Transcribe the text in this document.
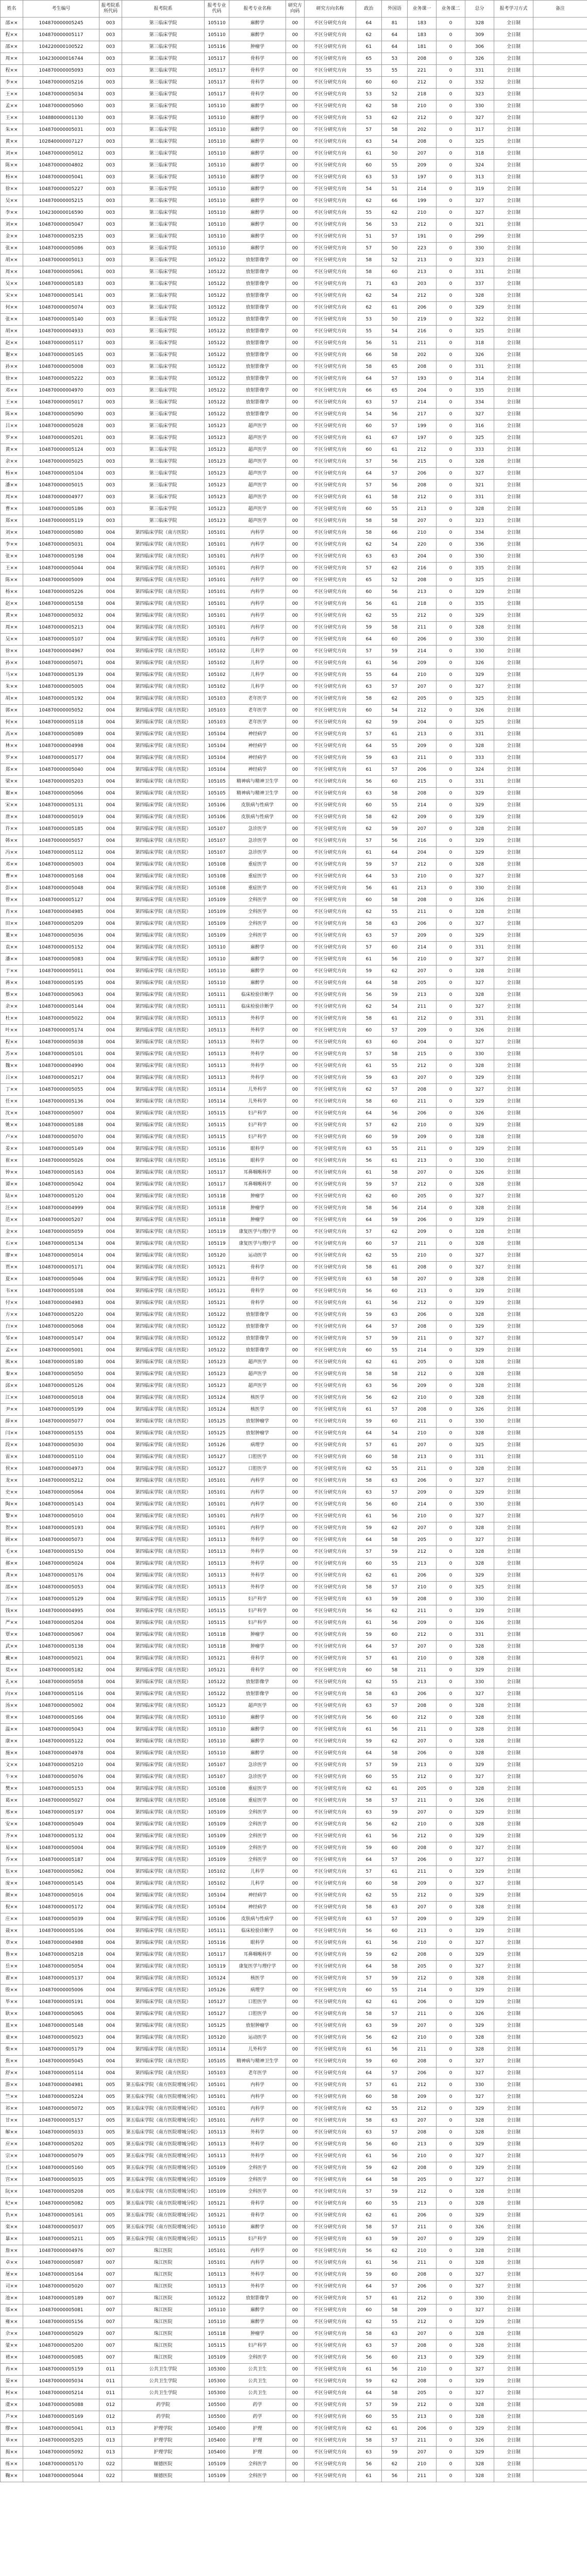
姓名	考生编号	报考院系所代码	报考院系	报考专业代码	报考专业名称	研究方向码	研究方向名称	政治	外国语	业务课一	业务课二	总分	报考学习方式	备注
邵××	104870000005245	003	第三临床学院	105110	麻醉学	00	不区分研究方向	64	81	183	0	328	全日制	
程××	104870000005117	003	第三临床学院	105110	麻醉学	00	不区分研究方向	62	64	183	0	309	全日制	
邵××	104220000100522	003	第三临床学院	105116	肿瘤学	00	不区分研究方向	61	64	181	0	306	全日制	
周××	104230000016744	003	第三临床学院	105117	骨科学	00	不区分研究方向	65	53	208	0	326	全日制	
程××	104870000005093	003	第三临床学院	105117	骨科学	00	不区分研究方向	55	55	221	0	331	全日制	
李××	104870000005216	003	第三临床学院	105117	骨科学	00	不区分研究方向	60	60	212	0	332	全日制	
王××	104870000005034	003	第三临床学院	105117	骨科学	00	不区分研究方向	53	52	218	0	323	全日制	
孟××	104870000005060	003	第三临床学院	105110	麻醉学	00	不区分研究方向	62	58	210	0	330	全日制	
王××	104880000001130	003	第三临床学院	105110	麻醉学	00	不区分研究方向	53	62	212	0	327	全日制	
朱××	104870000005031	003	第三临床学院	105110	麻醉学	00	不区分研究方向	57	58	202	0	317	全日制	
黄××	102840000007127	003	第三临床学院	105110	麻醉学	00	不区分研究方向	63	54	208	0	325	全日制	
刘××	104870000005012	003	第三临床学院	105110	麻醉学	00	不区分研究方向	61	50	207	0	318	全日制	
陈××	104870000004802	003	第三临床学院	105110	麻醉学	00	不区分研究方向	60	55	209	0	324	全日制	
杨××	104870000005041	003	第三临床学院	105110	麻醉学	00	不区分研究方向	63	53	197	0	313	全日制	
徐××	104870000005227	003	第三临床学院	105110	麻醉学	00	不区分研究方向	54	51	214	0	319	全日制	
吴××	104870000005215	003	第三临床学院	105110	麻醉学	00	不区分研究方向	62	66	199	0	327	全日制	
李××	104230000016590	003	第三临床学院	105110	麻醉学	00	不区分研究方向	55	62	210	0	327	全日制	
刘××	104870000005047	003	第三临床学院	105110	麻醉学	00	不区分研究方向	56	53	212	0	321	全日制	
金××	104870000005235	003	第三临床学院	105110	麻醉学	00	不区分研究方向	51	57	191	0	299	全日制	
张××	104870000005086	003	第三临床学院	105110	麻醉学	00	不区分研究方向	57	50	223	0	330	全日制	
胡××	104870000005013	003	第三临床学院	105122	放射影像学	00	不区分研究方向	58	52	213	0	323	全日制	
周××	104870000005061	003	第三临床学院	105122	放射影像学	00	不区分研究方向	58	60	213	0	331	全日制	
吴××	104870000005183	003	第三临床学院	105122	放射影像学	00	不区分研究方向	71	63	203	0	337	全日制	
宋××	104870000005141	003	第三临床学院	105122	放射影像学	00	不区分研究方向	62	54	212	0	328	全日制	
何××	104870000005074	003	第三临床学院	105122	放射影像学	00	不区分研究方向	62	61	206	0	329	全日制	
张××	104870000005140	003	第三临床学院	105122	放射影像学	00	不区分研究方向	53	50	219	0	322	全日制	
胡××	104870000004933	003	第三临床学院	105122	放射影像学	00	不区分研究方向	55	54	216	0	325	全日制	
赵××	104870000005117	003	第三临床学院	105122	放射影像学	00	不区分研究方向	56	51	211	0	318	全日制	
谢××	104870000005165	003	第三临床学院	105122	放射影像学	00	不区分研究方向	66	58	202	0	326	全日制	
孙××	104870000005008	003	第三临床学院	105122	放射影像学	00	不区分研究方向	58	65	208	0	331	全日制	
徐××	104870000005222	003	第三临床学院	105122	放射影像学	00	不区分研究方向	64	57	193	0	314	全日制	
邓××	104870000004970	003	第三临床学院	105122	放射影像学	00	不区分研究方向	66	65	204	0	335	全日制	
王××	104870000005017	003	第三临床学院	105122	放射影像学	00	不区分研究方向	63	57	214	0	334	全日制	
陈××	104870000005090	003	第三临床学院	105122	放射影像学	00	不区分研究方向	54	56	217	0	327	全日制	
吕××	104870000005028	003	第三临床学院	105123	超声医学	00	不区分研究方向	60	57	199	0	316	全日制	
罗××	104870000005201	003	第三临床学院	105123	超声医学	00	不区分研究方向	61	67	197	0	325	全日制	
黄××	104870000005124	003	第三临床学院	105123	超声医学	00	不区分研究方向	60	61	212	0	333	全日制	
余××	104870000005025	003	第三临床学院	105123	超声医学	00	不区分研究方向	57	56	215	0	328	全日制	
杨××	104870000005104	003	第三临床学院	105123	超声医学	00	不区分研究方向	64	57	206	0	327	全日制	
潘××	104870000005015	003	第三临床学院	105123	超声医学	00	不区分研究方向	57	56	208	0	321	全日制	
周××	104870000004977	003	第三临床学院	105123	超声医学	00	不区分研究方向	61	58	212	0	331	全日制	
曹××	104870000005186	003	第三临床学院	105123	超声医学	00	不区分研究方向	60	55	213	0	328	全日制	
郑××	104870000005119	003	第三临床学院	105123	超声医学	00	不区分研究方向	58	58	207	0	323	全日制	
刘××	104870000005080	004	第四临床学院（南方医院）	105101	内科学	00	不区分研究方向	58	66	210	0	334	全日制	
李××	104870000005031	004	第四临床学院（南方医院）	105101	内科学	00	不区分研究方向	62	54	220	0	336	全日制	
张××	104870000005198	004	第四临床学院（南方医院）	105101	内科学	00	不区分研究方向	63	63	204	0	330	全日制	
王××	104870000005044	004	第四临床学院（南方医院）	105101	内科学	00	不区分研究方向	57	62	216	0	335	全日制	
陈××	104870000005009	004	第四临床学院（南方医院）	105101	内科学	00	不区分研究方向	65	52	208	0	325	全日制	
杨××	104870000005226	004	第四临床学院（南方医院）	105101	内科学	00	不区分研究方向	60	56	213	0	329	全日制	
赵××	104870000005158	004	第四临床学院（南方医院）	105101	内科学	00	不区分研究方向	56	61	218	0	335	全日制	
黄××	104870000005032	004	第四临床学院（南方医院）	105101	内科学	00	不区分研究方向	62	55	212	0	329	全日制	
周××	104870000005213	004	第四临床学院（南方医院）	105101	内科学	00	不区分研究方向	59	58	211	0	328	全日制	
吴××	104870000005107	004	第四临床学院（南方医院）	105101	内科学	00	不区分研究方向	64	60	206	0	330	全日制	
徐××	104870000004967	004	第四临床学院（南方医院）	105102	儿科学	00	不区分研究方向	57	59	214	0	330	全日制	
孙××	104870000005071	004	第四临床学院（南方医院）	105102	儿科学	00	不区分研究方向	61	56	209	0	326	全日制	
马××	104870000005139	004	第四临床学院（南方医院）	105102	儿科学	00	不区分研究方向	55	64	210	0	329	全日制	
朱××	104870000005005	004	第四临床学院（南方医院）	105102	儿科学	00	不区分研究方向	63	57	207	0	327	全日制	
胡××	104870000005192	004	第四临床学院（南方医院）	105103	老年医学	00	不区分研究方向	58	62	205	0	325	全日制	
郭××	104870000005052	004	第四临床学院（南方医院）	105103	老年医学	00	不区分研究方向	60	54	212	0	326	全日制	
何××	104870000005118	004	第四临床学院（南方医院）	105103	老年医学	00	不区分研究方向	62	59	204	0	325	全日制	
高××	104870000005089	004	第四临床学院（南方医院）	105104	神经病学	00	不区分研究方向	57	61	213	0	331	全日制	
林××	104870000004998	004	第四临床学院（南方医院）	105104	神经病学	00	不区分研究方向	64	55	209	0	328	全日制	
罗××	104870000005177	004	第四临床学院（南方医院）	105104	神经病学	00	不区分研究方向	59	63	211	0	333	全日制	
郑××	104870000005040	004	第四临床学院（南方医院）	105104	神经病学	00	不区分研究方向	61	57	206	0	324	全日制	
梁××	104870000005203	004	第四临床学院（南方医院）	105105	精神病与精神卫生学	00	不区分研究方向	56	60	215	0	331	全日制	
谢××	104870000005066	004	第四临床学院（南方医院）	105105	精神病与精神卫生学	00	不区分研究方向	63	58	208	0	329	全日制	
宋××	104870000005131	004	第四临床学院（南方医院）	105106	皮肤病与性病学	00	不区分研究方向	60	55	214	0	329	全日制	
唐××	104870000005019	004	第四临床学院（南方医院）	105106	皮肤病与性病学	00	不区分研究方向	58	62	209	0	329	全日制	
许××	104870000005185	004	第四临床学院（南方医院）	105107	急诊医学	00	不区分研究方向	62	59	207	0	328	全日制	
韩××	104870000005057	004	第四临床学院（南方医院）	105107	急诊医学	00	不区分研究方向	57	56	216	0	329	全日制	
冯××	104870000005112	004	第四临床学院（南方医院）	105107	急诊医学	00	不区分研究方向	61	64	204	0	329	全日制	
邓××	104870000005003	004	第四临床学院（南方医院）	105108	重症医学	00	不区分研究方向	59	57	212	0	328	全日制	
曹××	104870000005168	004	第四临床学院（南方医院）	105108	重症医学	00	不区分研究方向	64	53	210	0	327	全日制	
彭××	104870000005048	004	第四临床学院（南方医院）	105108	重症医学	00	不区分研究方向	56	61	213	0	330	全日制	
曾××	104870000005127	004	第四临床学院（南方医院）	105109	全科医学	00	不区分研究方向	60	58	208	0	326	全日制	
肖××	104870000004985	004	第四临床学院（南方医院）	105109	全科医学	00	不区分研究方向	62	55	211	0	328	全日制	
田××	104870000005209	004	第四临床学院（南方医院）	105109	全科医学	00	不区分研究方向	58	63	206	0	327	全日制	
董××	104870000005036	004	第四临床学院（南方医院）	105109	全科医学	00	不区分研究方向	63	57	209	0	329	全日制	
袁××	104870000005152	004	第四临床学院（南方医院）	105110	麻醉学	00	不区分研究方向	57	60	214	0	331	全日制	
潘××	104870000005083	004	第四临床学院（南方医院）	105110	麻醉学	00	不区分研究方向	61	56	210	0	327	全日制	
于××	104870000005011	004	第四临床学院（南方医院）	105110	麻醉学	00	不区分研究方向	59	62	207	0	328	全日制	
蒋××	104870000005195	004	第四临床学院（南方医院）	105110	麻醉学	00	不区分研究方向	64	58	205	0	327	全日制	
蔡××	104870000005063	004	第四临床学院（南方医院）	105111	临床检验诊断学	00	不区分研究方向	56	59	213	0	328	全日制	
余××	104870000005144	004	第四临床学院（南方医院）	105111	临床检验诊断学	00	不区分研究方向	62	54	211	0	327	全日制	
杜××	104870000005022	004	第四临床学院（南方医院）	105113	外科学	00	不区分研究方向	58	61	212	0	331	全日制	
叶××	104870000005174	004	第四临床学院（南方医院）	105113	外科学	00	不区分研究方向	60	57	209	0	326	全日制	
程××	104870000005038	004	第四临床学院（南方医院）	105113	外科学	00	不区分研究方向	63	60	204	0	327	全日制	
苏××	104870000005101	004	第四临床学院（南方医院）	105113	外科学	00	不区分研究方向	57	58	215	0	330	全日制	
魏××	104870000004990	004	第四临床学院（南方医院）	105113	外科学	00	不区分研究方向	61	55	212	0	328	全日制	
吕××	104870000005217	004	第四临床学院（南方医院）	105113	外科学	00	不区分研究方向	59	63	207	0	329	全日制	
丁××	104870000005055	004	第四临床学院（南方医院）	105114	儿外科学	00	不区分研究方向	62	57	208	0	327	全日制	
任××	104870000005136	004	第四临床学院（南方医院）	105114	儿外科学	00	不区分研究方向	58	60	211	0	329	全日制	
沈××	104870000005007	004	第四临床学院（南方医院）	105115	妇产科学	00	不区分研究方向	64	56	206	0	326	全日制	
姚××	104870000005188	004	第四临床学院（南方医院）	105115	妇产科学	00	不区分研究方向	57	62	210	0	329	全日制	
卢××	104870000005070	004	第四临床学院（南方医院）	105115	妇产科学	00	不区分研究方向	60	59	209	0	328	全日制	
姜××	104870000005149	004	第四临床学院（南方医院）	105116	眼科学	00	不区分研究方向	63	55	211	0	329	全日制	
崔××	104870000005026	004	第四临床学院（南方医院）	105116	眼科学	00	不区分研究方向	56	61	213	0	330	全日制	
钟××	104870000005163	004	第四临床学院（南方医院）	105117	耳鼻咽喉科学	00	不区分研究方向	61	58	207	0	326	全日制	
谭××	104870000005042	004	第四临床学院（南方医院）	105117	耳鼻咽喉科学	00	不区分研究方向	59	57	212	0	328	全日制	
陆××	104870000005120	004	第四临床学院（南方医院）	105118	肿瘤学	00	不区分研究方向	62	60	205	0	327	全日制	
汪××	104870000004999	004	第四临床学院（南方医院）	105118	肿瘤学	00	不区分研究方向	58	56	214	0	328	全日制	
范××	104870000005207	004	第四临床学院（南方医院）	105118	肿瘤学	00	不区分研究方向	64	59	206	0	329	全日制	
金××	104870000005059	004	第四临床学院（南方医院）	105119	康复医学与理疗学	00	不区分研究方向	57	62	209	0	328	全日制	
石××	104870000005134	004	第四临床学院（南方医院）	105119	康复医学与理疗学	00	不区分研究方向	60	57	211	0	328	全日制	
廖××	104870000005014	004	第四临床学院（南方医院）	105120	运动医学	00	不区分研究方向	62	55	210	0	327	全日制	
贾××	104870000005171	004	第四临床学院（南方医院）	105121	骨科学	00	不区分研究方向	58	61	208	0	327	全日制	
夏××	104870000005046	004	第四临床学院（南方医院）	105121	骨科学	00	不区分研究方向	63	58	207	0	328	全日制	
韦××	104870000005108	004	第四临床学院（南方医院）	105121	骨科学	00	不区分研究方向	56	60	213	0	329	全日制	
付××	104870000004983	004	第四临床学院（南方医院）	105121	骨科学	00	不区分研究方向	61	56	212	0	329	全日制	
方××	104870000005220	004	第四临床学院（南方医院）	105122	放射影像学	00	不区分研究方向	59	63	206	0	328	全日制	
白××	104870000005068	004	第四临床学院（南方医院）	105122	放射影像学	00	不区分研究方向	64	57	208	0	329	全日制	
邹××	104870000005147	004	第四临床学院（南方医院）	105122	放射影像学	00	不区分研究方向	57	59	211	0	327	全日制	
孟××	104870000005001	004	第四临床学院（南方医院）	105122	放射影像学	00	不区分研究方向	60	55	214	0	329	全日制	
熊××	104870000005180	004	第四临床学院（南方医院）	105123	超声医学	00	不区分研究方向	62	61	205	0	328	全日制	
秦××	104870000005050	004	第四临床学院（南方医院）	105123	超声医学	00	不区分研究方向	58	58	212	0	328	全日制	
邱××	104870000005126	004	第四临床学院（南方医院）	105123	超声医学	00	不区分研究方向	63	56	209	0	328	全日制	
江××	104870000005018	004	第四临床学院（南方医院）	105124	核医学	00	不区分研究方向	56	62	210	0	328	全日制	
尹××	104870000005199	004	第四临床学院（南方医院）	105124	核医学	00	不区分研究方向	61	57	208	0	326	全日制	
薛××	104870000005077	004	第四临床学院（南方医院）	105125	放射肿瘤学	00	不区分研究方向	59	60	211	0	330	全日制	
闫××	104870000005155	004	第四临床学院（南方医院）	105125	放射肿瘤学	00	不区分研究方向	64	54	210	0	328	全日制	
段××	104870000005030	004	第四临床学院（南方医院）	105126	病理学	00	不区分研究方向	57	61	207	0	325	全日制	
雷××	104870000005110	004	第四临床学院（南方医院）	105127	口腔医学	00	不区分研究方向	60	58	213	0	331	全日制	
侯××	104870000004973	004	第四临床学院（南方医院）	105127	口腔医学	00	不区分研究方向	62	55	211	0	328	全日制	
龙××	104870000005212	004	第四临床学院（南方医院）	105101	内科学	00	不区分研究方向	58	63	206	0	327	全日制	
史××	104870000005064	004	第四临床学院（南方医院）	105101	内科学	00	不区分研究方向	63	57	209	0	329	全日制	
陶××	104870000005143	004	第四临床学院（南方医院）	105101	内科学	00	不区分研究方向	56	60	214	0	330	全日制	
黎××	104870000005010	004	第四临床学院（南方医院）	105101	内科学	00	不区分研究方向	61	56	210	0	327	全日制	
贺××	104870000005193	004	第四临床学院（南方医院）	105101	内科学	00	不区分研究方向	59	62	207	0	328	全日制	
顾××	104870000005073	004	第四临床学院（南方医院）	105113	外科学	00	不区分研究方向	64	58	205	0	327	全日制	
毛××	104870000005150	004	第四临床学院（南方医院）	105113	外科学	00	不区分研究方向	57	59	212	0	328	全日制	
郝××	104870000005024	004	第四临床学院（南方医院）	105113	外科学	00	不区分研究方向	60	55	213	0	328	全日制	
龚××	104870000005176	004	第四临床学院（南方医院）	105113	外科学	00	不区分研究方向	62	61	206	0	329	全日制	
邵××	104870000005053	004	第四临床学院（南方医院）	105113	外科学	00	不区分研究方向	58	57	210	0	325	全日制	
万××	104870000005129	004	第四临床学院（南方医院）	105115	妇产科学	00	不区分研究方向	63	59	208	0	330	全日制	
钱××	104870000004995	004	第四临床学院（南方医院）	105115	妇产科学	00	不区分研究方向	56	62	211	0	329	全日制	
严××	104870000005204	004	第四临床学院（南方医院）	105115	妇产科学	00	不区分研究方向	61	56	209	0	326	全日制	
覃××	104870000005067	004	第四临床学院（南方医院）	105118	肿瘤学	00	不区分研究方向	59	60	212	0	331	全日制	
武××	104870000005138	004	第四临床学院（南方医院）	105118	肿瘤学	00	不区分研究方向	64	57	207	0	328	全日制	
戴××	104870000005021	004	第四临床学院（南方医院）	105121	骨科学	00	不区分研究方向	57	61	210	0	328	全日制	
莫××	104870000005182	004	第四临床学院（南方医院）	105121	骨科学	00	不区分研究方向	60	58	211	0	329	全日制	
孔××	104870000005058	004	第四临床学院（南方医院）	105122	放射影像学	00	不区分研究方向	62	55	213	0	330	全日制	
向××	104870000005116	004	第四临床学院（南方医院）	105122	放射影像学	00	不区分研究方向	58	63	206	0	327	全日制	
汤××	104870000005002	004	第四临床学院（南方医院）	105123	超声医学	00	不区分研究方向	63	57	208	0	328	全日制	
常××	104870000005166	004	第四临床学院（南方医院）	105110	麻醉学	00	不区分研究方向	56	60	212	0	328	全日制	
温××	104870000005043	004	第四临床学院（南方医院）	105110	麻醉学	00	不区分研究方向	61	56	211	0	328	全日制	
康××	104870000005122	004	第四临床学院（南方医院）	105110	麻醉学	00	不区分研究方向	59	62	207	0	328	全日制	
施××	104870000004978	004	第四临床学院（南方医院）	105110	麻醉学	00	不区分研究方向	64	58	206	0	328	全日制	
文××	104870000005210	004	第四临床学院（南方医院）	105107	急诊医学	00	不区分研究方向	57	59	213	0	329	全日制	
牛××	104870000005076	004	第四临床学院（南方医院）	105107	急诊医学	00	不区分研究方向	60	55	212	0	327	全日制	
樊××	104870000005153	004	第四临床学院（南方医院）	105108	重症医学	00	不区分研究方向	62	61	205	0	328	全日制	
葛××	104870000005027	004	第四临床学院（南方医院）	105108	重症医学	00	不区分研究方向	58	57	211	0	326	全日制	
邢××	104870000005197	004	第四临床学院（南方医院）	105109	全科医学	00	不区分研究方向	63	59	207	0	329	全日制	
安××	104870000005049	004	第四临床学院（南方医院）	105109	全科医学	00	不区分研究方向	56	62	210	0	328	全日制	
齐××	104870000005132	004	第四临床学院（南方医院）	105109	全科医学	00	不区分研究方向	61	56	212	0	329	全日制	
易××	104870000005004	004	第四临床学院（南方医院）	105109	全科医学	00	不区分研究方向	59	60	208	0	327	全日制	
乔××	104870000005187	004	第四临床学院（南方医院）	105109	全科医学	00	不区分研究方向	64	57	206	0	327	全日制	
伍××	104870000005062	004	第四临床学院（南方医院）	105102	儿科学	00	不区分研究方向	57	61	211	0	329	全日制	
庞××	104870000005145	004	第四临床学院（南方医院）	105102	儿科学	00	不区分研究方向	60	58	209	0	327	全日制	
颜××	104870000005016	004	第四临床学院（南方医院）	105104	神经病学	00	不区分研究方向	62	55	212	0	329	全日制	
倪××	104870000005172	004	第四临床学院（南方医院）	105104	神经病学	00	不区分研究方向	58	63	207	0	328	全日制	
庄××	104870000005039	004	第四临床学院（南方医院）	105106	皮肤病与性病学	00	不区分研究方向	63	57	209	0	329	全日制	
聂××	104870000005106	004	第四临床学院（南方医院）	105111	临床检验诊断学	00	不区分研究方向	56	60	213	0	329	全日制	
章××	104870000004988	004	第四临床学院（南方医院）	105116	眼科学	00	不区分研究方向	61	56	210	0	327	全日制	
鲁××	104870000005218	004	第四临床学院（南方医院）	105117	耳鼻咽喉科学	00	不区分研究方向	59	62	208	0	329	全日制	
岳××	104870000005054	004	第四临床学院（南方医院）	105119	康复医学与理疗学	00	不区分研究方向	64	58	205	0	327	全日制	
翟××	104870000005137	004	第四临床学院（南方医院）	105124	核医学	00	不区分研究方向	57	59	212	0	328	全日制	
殷××	104870000005006	004	第四临床学院（南方医院）	105126	病理学	00	不区分研究方向	60	55	214	0	329	全日制	
毕××	104870000005191	004	第四临床学院（南方医院）	105127	口腔医学	00	不区分研究方向	62	61	206	0	329	全日制	
耿××	104870000005065	004	第四临床学院（南方医院）	105127	口腔医学	00	不区分研究方向	58	57	211	0	326	全日制	
蓝××	104870000005148	004	第四临床学院（南方医院）	105125	放射肿瘤学	00	不区分研究方向	63	59	207	0	329	全日制	
童××	104870000005023	004	第四临床学院（南方医院）	105120	运动医学	00	不区分研究方向	56	62	210	0	328	全日制	
柴××	104870000005179	004	第四临床学院（南方医院）	105114	儿外科学	00	不区分研究方向	61	56	211	0	328	全日制	
焦××	104870000005045	004	第四临床学院（南方医院）	105105	精神病与精神卫生学	00	不区分研究方向	59	60	208	0	327	全日制	
舒××	104870000005114	004	第四临床学院（南方医院）	105103	老年医学	00	不区分研究方向	64	57	206	0	327	全日制	
游××	104870000004981	005	第五临床学院（南方医院增城分院）	105101	内科学	00	不区分研究方向	57	61	212	0	330	全日制	
竺××	104870000005224	005	第五临床学院（南方医院增城分院）	105101	内科学	00	不区分研究方向	60	58	209	0	327	全日制	
祁××	104870000005072	005	第五临床学院（南方医院增城分院）	105101	内科学	00	不区分研究方向	62	55	212	0	329	全日制	
甘××	104870000005157	005	第五临床学院（南方医院增城分院）	105101	内科学	00	不区分研究方向	58	63	207	0	328	全日制	
解××	104870000005033	005	第五临床学院（南方医院增城分院）	105113	外科学	00	不区分研究方向	63	57	208	0	328	全日制	
应××	104870000005202	005	第五临床学院（南方医院增城分院）	105113	外科学	00	不区分研究方向	56	60	213	0	329	全日制	
宗××	104870000005079	005	第五临床学院（南方医院增城分院）	105113	外科学	00	不区分研究方向	61	56	210	0	327	全日制	
丘××	104870000005160	005	第五临床学院（南方医院增城分院）	105109	全科医学	00	不区分研究方向	59	62	208	0	329	全日制	
宫××	104870000005035	005	第五临床学院（南方医院增城分院）	105109	全科医学	00	不区分研究方向	64	58	205	0	327	全日制	
阮××	104870000005208	005	第五临床学院（南方医院增城分院）	105109	全科医学	00	不区分研究方向	57	59	212	0	328	全日制	
纪××	104870000005082	005	第五临床学院（南方医院增城分院）	105121	骨科学	00	不区分研究方向	60	55	213	0	328	全日制	
仇××	104870000005161	005	第五临床学院（南方医院增城分院）	105121	骨科学	00	不区分研究方向	62	61	206	0	329	全日制	
栾××	104870000005037	005	第五临床学院（南方医院增城分院）	105110	麻醉学	00	不区分研究方向	58	57	211	0	326	全日制	
暴××	104870000005211	005	第五临床学院（南方医院增城分院）	105115	妇产科学	00	不区分研究方向	63	59	207	0	329	全日制	
詹××	104870000004976	007	珠江医院	105101	内科学	00	不区分研究方向	56	62	210	0	328	全日制	
卓××	104870000005087	007	珠江医院	105101	内科学	00	不区分研究方向	61	56	211	0	328	全日制	
屠××	104870000005164	007	珠江医院	105113	外科学	00	不区分研究方向	59	60	208	0	327	全日制	
司××	104870000005020	007	珠江医院	105113	外科学	00	不区分研究方向	64	57	206	0	327	全日制	
池××	104870000005189	007	珠江医院	105122	放射影像学	00	不区分研究方向	57	61	212	0	330	全日制	
邬××	104870000005081	007	珠江医院	105110	麻醉学	00	不区分研究方向	60	58	209	0	327	全日制	
雍××	104870000005156	007	珠江医院	105110	麻醉学	00	不区分研究方向	62	55	212	0	329	全日制	
佘××	104870000005029	007	珠江医院	105118	肿瘤学	00	不区分研究方向	58	63	207	0	328	全日制	
蒙××	104870000005200	007	珠江医院	105115	妇产科学	00	不区分研究方向	63	57	208	0	328	全日制	
褚××	104870000005085	007	珠江医院	105109	全科医学	00	不区分研究方向	56	60	213	0	329	全日制	
冉××	104870000005159	011	公共卫生学院	105300	公共卫生	00	不区分研究方向	61	56	210	0	327	全日制	
晏××	104870000005034	011	公共卫生学院	105300	公共卫生	00	不区分研究方向	59	62	208	0	329	全日制	
柯××	104870000005214	011	公共卫生学院	105300	公共卫生	00	不区分研究方向	64	58	205	0	327	全日制	
虞××	104870000005088	012	药学院	105500	药学	00	不区分研究方向	57	59	212	0	328	全日制	
芦××	104870000005169	012	药学院	105500	药学	00	不区分研究方向	60	55	213	0	328	全日制	
缪××	104870000005041	013	护理学院	105400	护理	00	不区分研究方向	62	61	206	0	329	全日制	
单××	104870000005205	013	护理学院	105400	护理	00	不区分研究方向	58	57	211	0	326	全日制	
揭××	104870000005092	013	护理学院	105400	护理	00	不区分研究方向	63	59	207	0	329	全日制	
练××	104870000005170	022	顺德医院	105109	全科医学	00	不区分研究方向	56	62	210	0	328	全日制	
鞠××	104870000005044	022	顺德医院	105109	全科医学	00	不区分研究方向	61	56	211	0	328	全日制	
